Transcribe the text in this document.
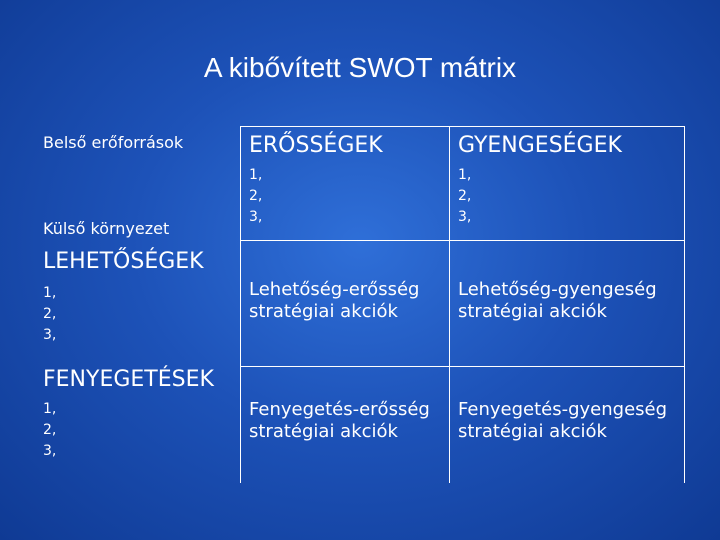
A kibővített SWOT mátrix
Belső erőforrások
Külső környezet
ERŐSSÉGEK	GYENGESÉGEK
1,
2,
3,
1,
2,
3,
LEHETŐSÉGEK
1,
2,
3,
Lehetőség-erősség stratégiai akciók
Lehetőség-gyengeség stratégiai akciók
FENYEGETÉSEK
1,
2,
3,
Fenyegetés-erősség stratégiai akciók
Fenyegetés-gyengeség stratégiai akciók
